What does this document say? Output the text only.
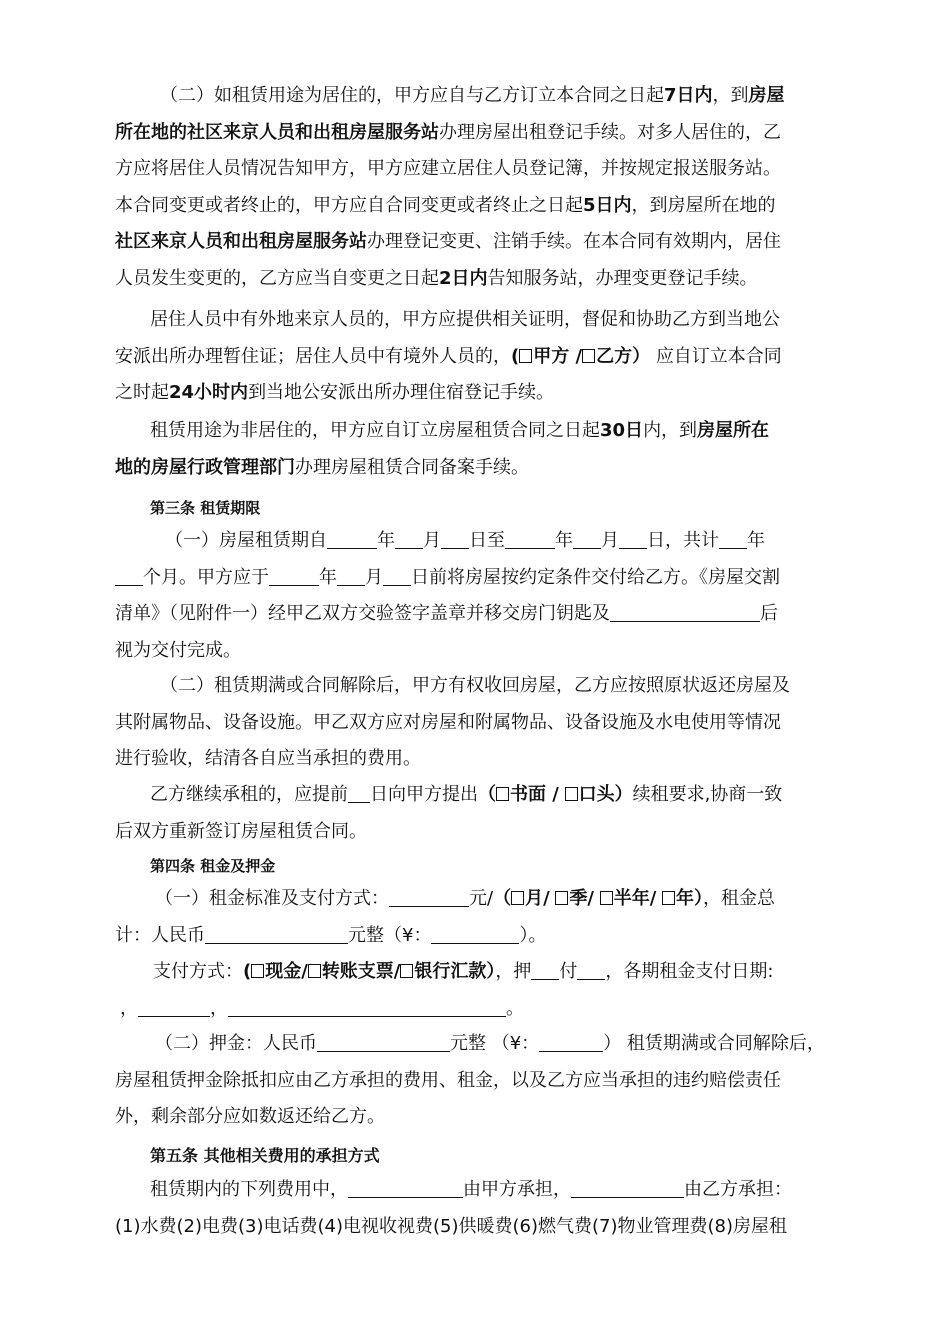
（二）如租赁用途为居住的，甲方应自与乙方订立本合同之日起7日内，到房屋
所在地的社区来京人员和出租房屋服务站办理房屋出租登记手续。对多人居住的，乙
方应将居住人员情况告知甲方，甲方应建立居住人员登记簿，并按规定报送服务站。
本合同变更或者终止的，甲方应自合同变更或者终止之日起5日内，到房屋所在地的
社区来京人员和出租房屋服务站办理登记变更、注销手续。在本合同有效期内，居住
人员发生变更的，乙方应当自变更之日起2日内告知服务站，办理变更登记手续。
居住人员中有外地来京人员的，甲方应提供相关证明，督促和协助乙方到当地公
安派出所办理暂住证；居住人员中有境外人员的，( 甲方 / 乙方） 应自订立本合同
之时起24小时内到当地公安派出所办理住宿登记手续。
租赁用途为非居住的，甲方应自订立房屋租赁合同之日起30日内，到房屋所在
地的房屋行政管理部门办理房屋租赁合同备案手续。

第三条 租赁期限

（一）房屋租赁期自	年 月 日至	年 月 日，共计 年
个月。甲方应于	年 月 日前将房屋按约定条件交付给乙方。《房屋交割
清单》（见附件一）经甲乙双方交验签字盖章并移交房门钥匙及	后
视为交付完成。
（二）租赁期满或合同解除后，甲方有权收回房屋，乙方应按照原状返还房屋及
其附属物品、设备设施。甲乙双方应对房屋和附属物品、设备设施及水电使用等情况
进行验收，结清各自应当承担的费用。
乙方继续承租的，应提前 日向甲方提出（ 书面 / 口头）续租要求,协商一致
后双方重新签订房屋租赁合同。

第四条 租金及押金

（一）租金标准及支付方式：	元/（ 月/ 季/ 半年/ 年），租金总
计：人民币	元整（¥：	）。
支付方式：( 现金/ 转账支票/ 银行汇款），押 付 ，各期租金支付日期:
，	，	。
（二）押金：人民币	元整 （¥：	） 租赁期满或合同解除后，
房屋租赁押金除抵扣应由乙方承担的费用、租金，以及乙方应当承担的违约赔偿责任
外，剩余部分应如数返还给乙方。

第五条 其他相关费用的承担方式

租赁期内的下列费用中，	由甲方承担，	由乙方承担：
(1)水费(2)电费(3)电话费(4)电视收视费(5)供暖费(6)燃气费(7)物业管理费(8)房屋租
